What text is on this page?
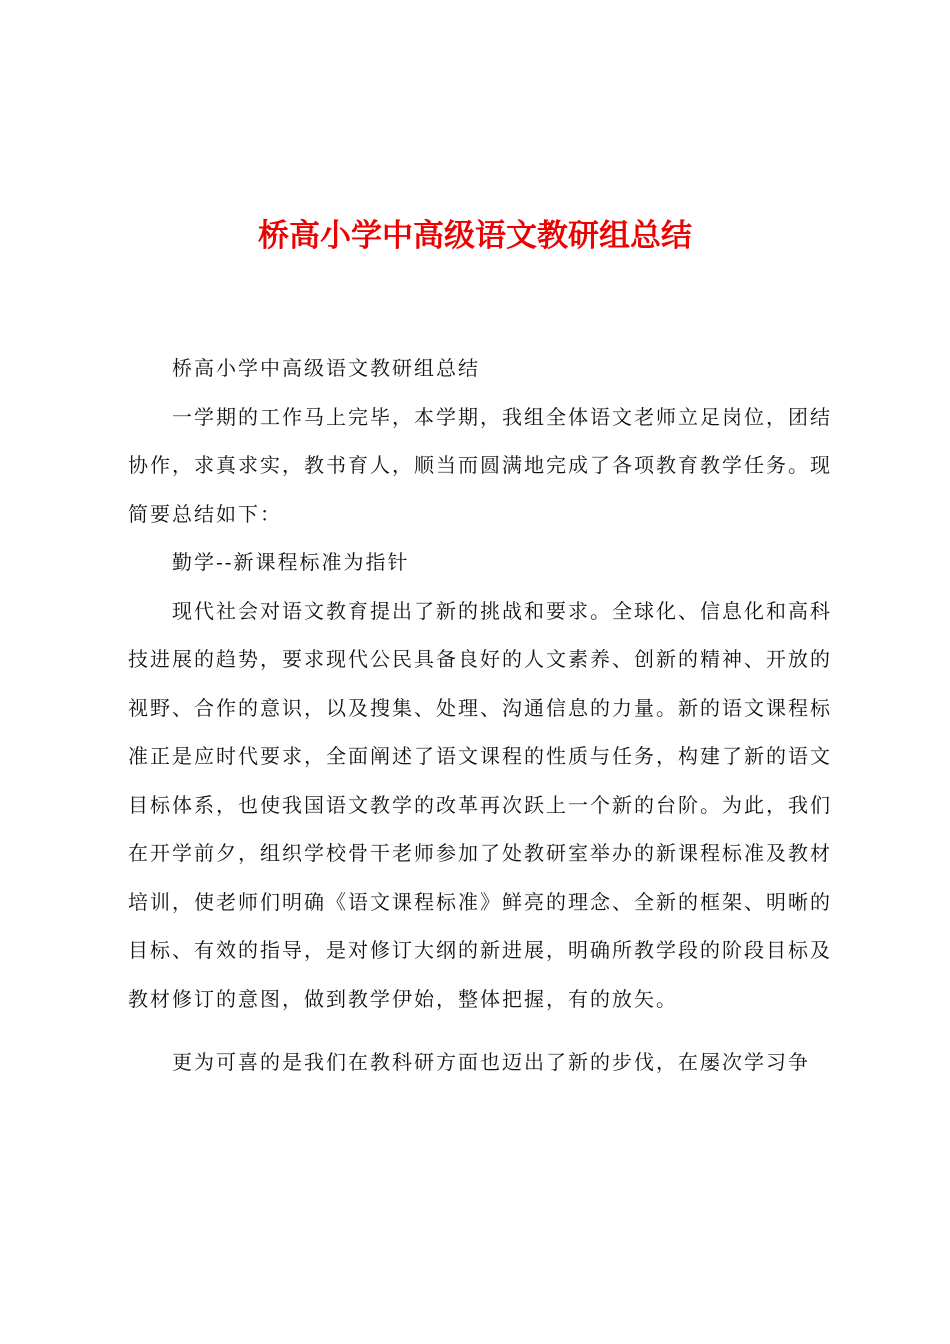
桥高小学中高级语文教研组总结

桥高小学中高级语文教研组总结

一学期的工作马上完毕，本学期，我组全体语文老师立足岗位，团结协作，求真求实，教书育人，顺当而圆满地完成了各项教育教学任务。现简要总结如下：

勤学--新课程标准为指针

现代社会对语文教育提出了新的挑战和要求。全球化、信息化和高科技进展的趋势，要求现代公民具备良好的人文素养、创新的精神、开放的视野、合作的意识，以及搜集、处理、沟通信息的力量。新的语文课程标准正是应时代要求，全面阐述了语文课程的性质与任务，构建了新的语文目标体系，也使我国语文教学的改革再次跃上一个新的台阶。为此，我们在开学前夕，组织学校骨干老师参加了处教研室举办的新课程标准及教材培训，使老师们明确《语文课程标准》鲜亮的理念、全新的框架、明晰的目标、有效的指导，是对修订大纲的新进展，明确所教学段的阶段目标及教材修订的意图，做到教学伊始，整体把握，有的放矢。

更为可喜的是我们在教科研方面也迈出了新的步伐，在屡次学习争
